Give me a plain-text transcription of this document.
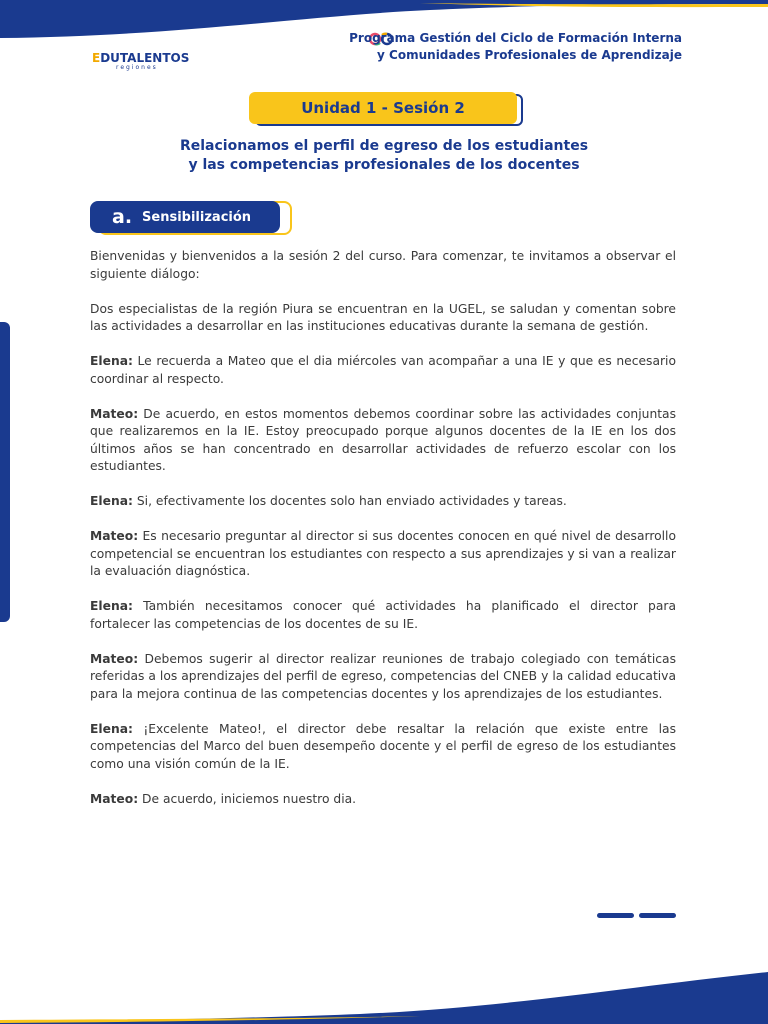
EDUTALENTOS
regiones
Programa Gestión del Ciclo de Formación Interna
y Comunidades Profesionales de Aprendizaje
Unidad 1 - Sesión 2
Relacionamos el perfil de egreso de los estudiantes
y las competencias profesionales de los docentes
a. Sensibilización

Bienvenidas y bienvenidos a la sesión 2 del curso. Para comenzar, te invitamos a observar el siguiente diálogo:

Dos especialistas de la región Piura se encuentran en la UGEL, se saludan y comentan sobre las actividades a desarrollar en las instituciones educativas durante la semana de gestión.

Elena: Le recuerda a Mateo que el dia miércoles van acompañar a una IE y que es necesario coordinar al respecto.

Mateo: De acuerdo, en estos momentos debemos coordinar sobre las actividades conjuntas que realizaremos en la IE. Estoy preocupado porque algunos docentes de la IE en los dos últimos años se han concentrado en desarrollar actividades de refuerzo escolar con los estudiantes.

Elena: Si, efectivamente los docentes solo han enviado actividades y tareas.

Mateo: Es necesario preguntar al director si sus docentes conocen en qué nivel de desarrollo competencial se encuentran los estudiantes con respecto a sus aprendizajes y si van a realizar la evaluación diagnóstica.

Elena: También necesitamos conocer qué actividades ha planificado el director para fortalecer las competencias de los docentes de su IE.

Mateo: Debemos sugerir al director realizar reuniones de trabajo colegiado con temáticas referidas a los aprendizajes del perfil de egreso, competencias del CNEB y la calidad educativa para la mejora continua de las competencias docentes y los aprendizajes de los estudiantes.

Elena: ¡Excelente Mateo!, el director debe resaltar la relación que existe entre las competencias del Marco del buen desempeño docente y el perfil de egreso de los estudiantes como una visión común de la IE.

Mateo: De acuerdo, iniciemos nuestro dia.
